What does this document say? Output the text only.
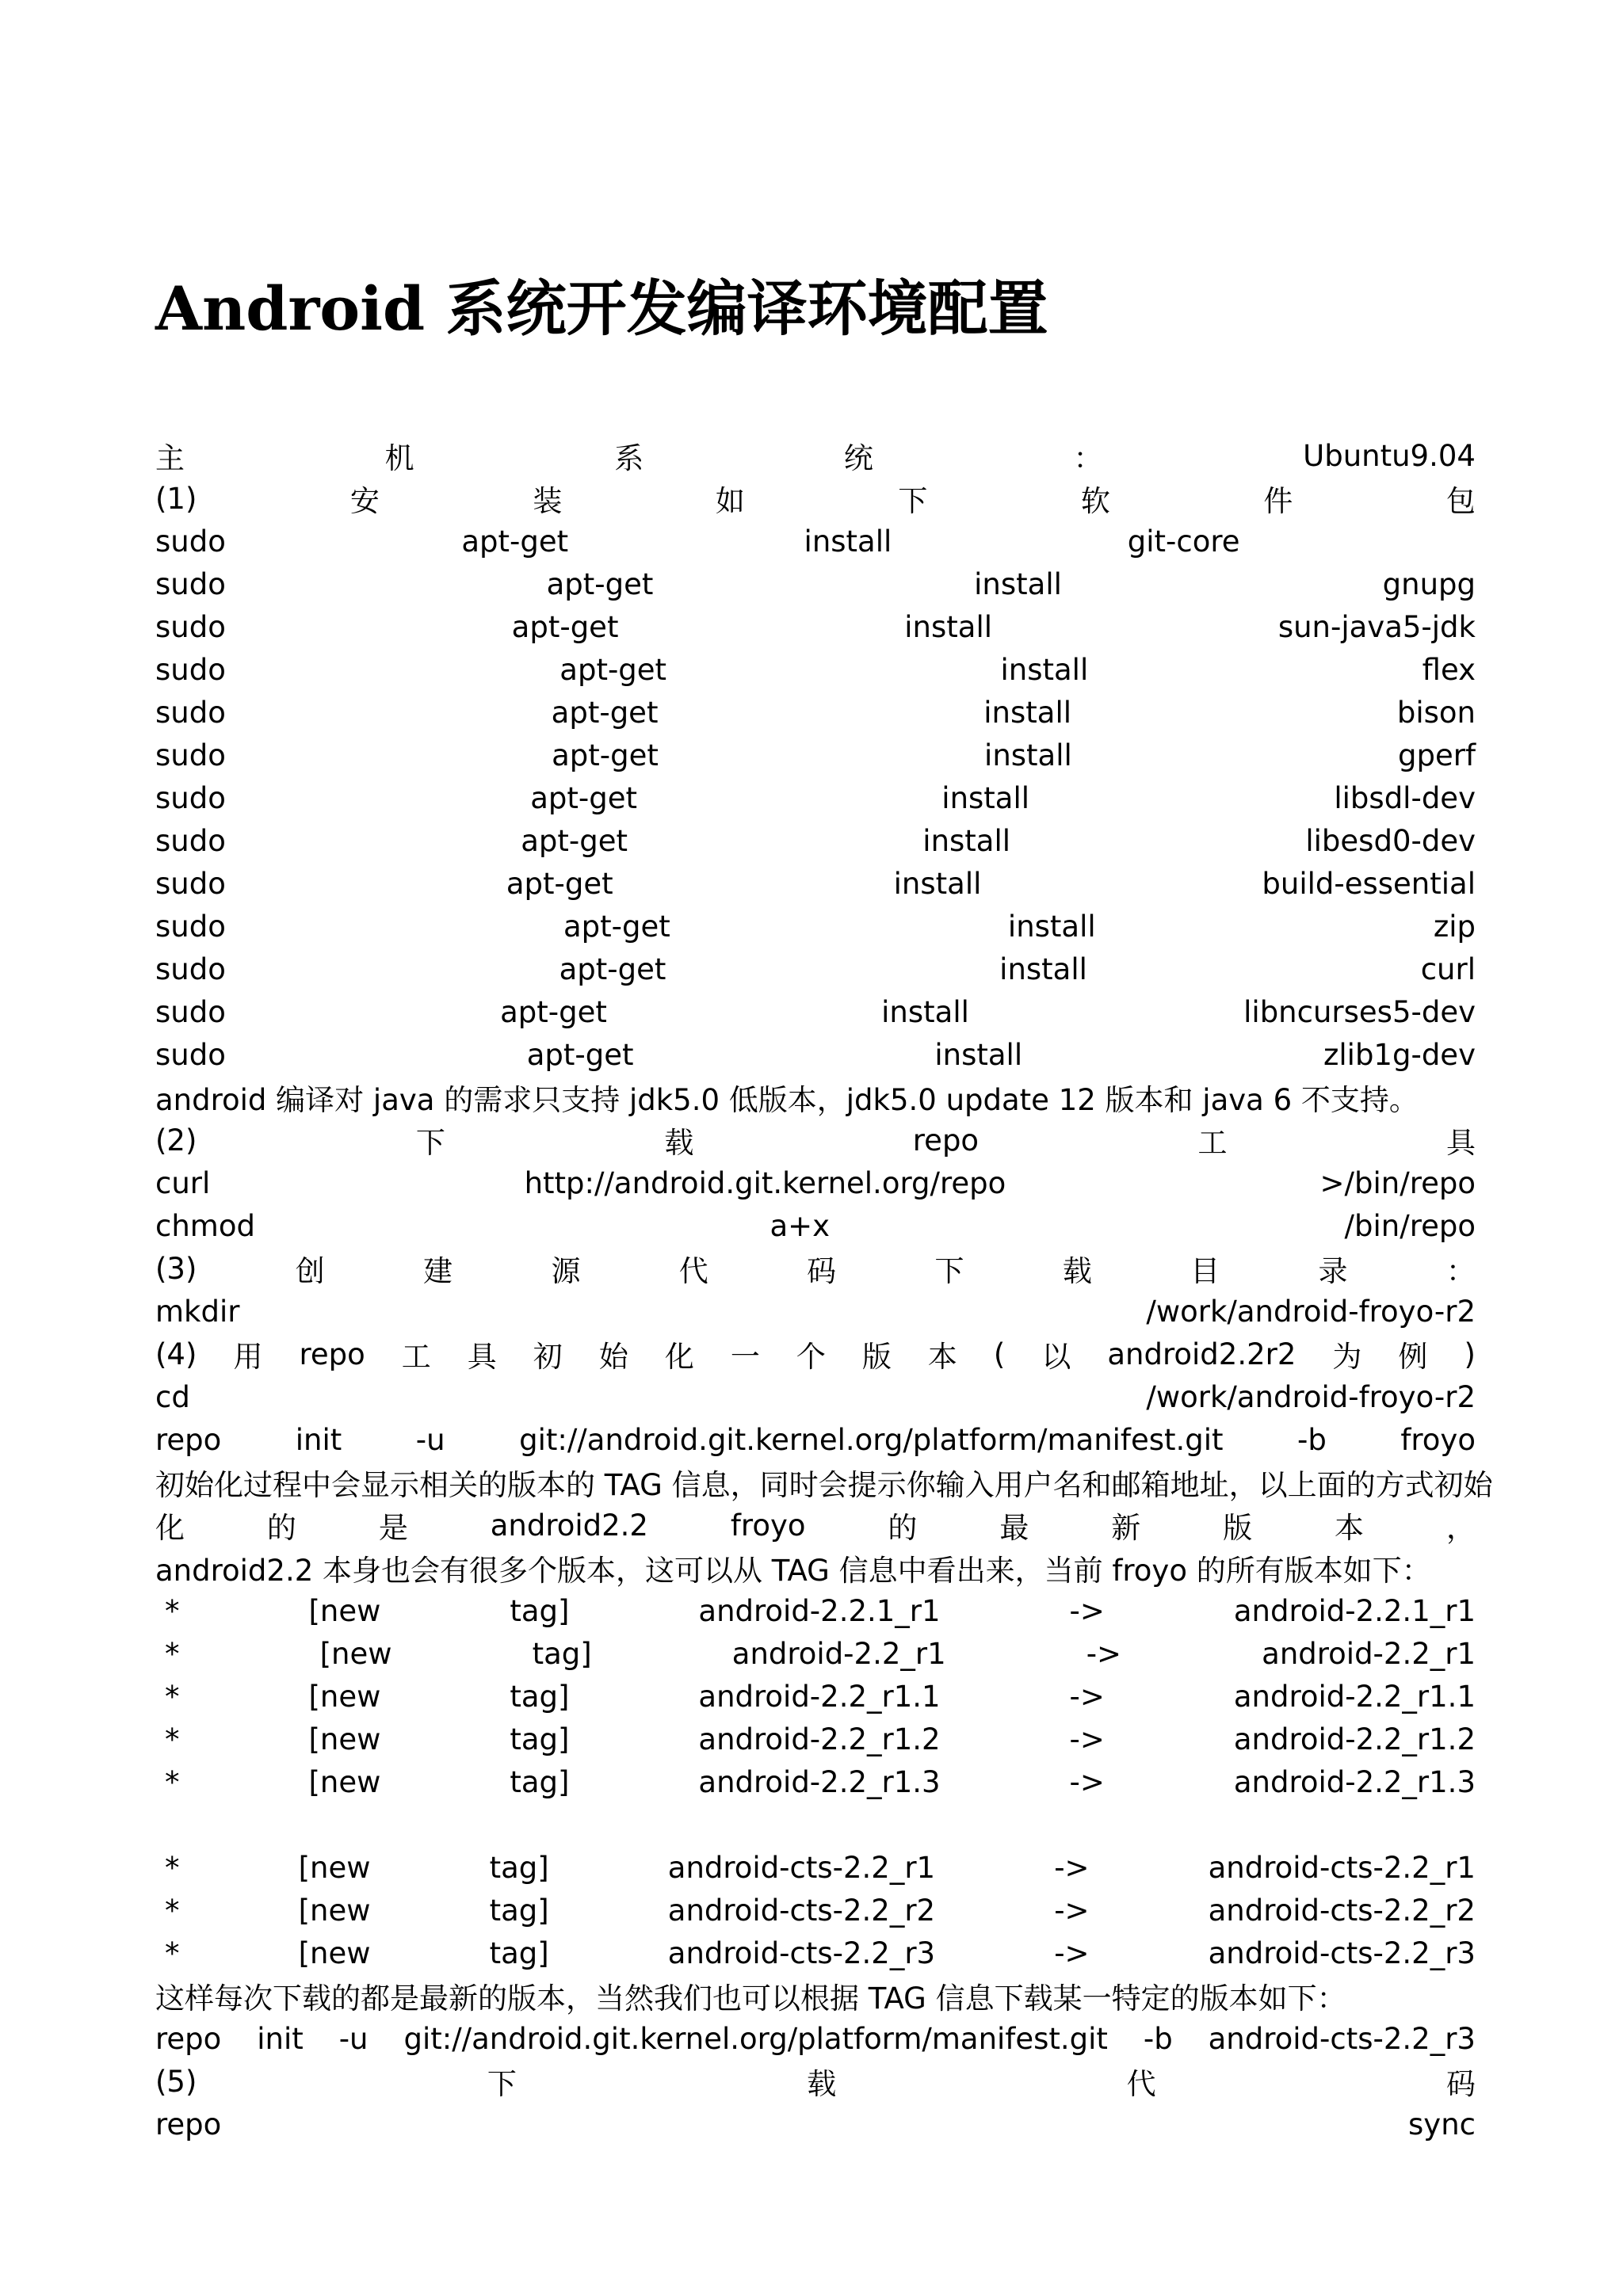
Android 系统开发编译环境配置
主	机	系	统	：	Ubuntu9.04
(1)	安	装	如	下	软	件	包
sudo	apt-get	install	git-core
sudo	apt-get	install	gnupg
sudo	apt-get	install	sun-java5-jdk
sudo	apt-get	install	flex
sudo	apt-get	install	bison
sudo	apt-get	install	gperf
sudo	apt-get	install	libsdl-dev
sudo	apt-get	install	libesd0-dev
sudo	apt-get	install	build-essential
sudo	apt-get	install	zip
sudo	apt-get	install	curl
sudo	apt-get	install	libncurses5-dev
sudo	apt-get	install	zlib1g-dev
android 编译对 java 的需求只支持 jdk5.0 低版本，jdk5.0 update 12 版本和 java 6 不支持。
(2)	下	载	repo	工	具
curl	http://android.git.kernel.org/repo	>/bin/repo
chmod	a+x	/bin/repo
(3)	创	建	源	代	码	下	载	目	录	：
mkdir	/work/android-froyo-r2
(4) 用 repo 工 具 初 始 化 一 个 版 本 ( 以 android2.2r2 为 例 )
cd	/work/android-froyo-r2
repo	init	-u	git://android.git.kernel.org/platform/manifest.git	-b	froyo
初始化过程中会显示相关的版本的 TAG 信息，同时会提示你输入用户名和邮箱地址，以上面的方式初始
化	的	是	android2.2	froyo	的	最	新	版	本	，
android2.2 本身也会有很多个版本，这可以从 TAG 信息中看出来，当前 froyo 的所有版本如下：
*	[new	tag]	android-2.2.1_r1	->	android-2.2.1_r1
*	[new	tag]	android-2.2_r1	->	android-2.2_r1
*	[new	tag]	android-2.2_r1.1	->	android-2.2_r1.1
*	[new	tag]	android-2.2_r1.2	->	android-2.2_r1.2
*	[new	tag]	android-2.2_r1.3	->	android-2.2_r1.3
*	[new	tag]	android-cts-2.2_r1	->	android-cts-2.2_r1
*	[new	tag]	android-cts-2.2_r2	->	android-cts-2.2_r2
*	[new	tag]	android-cts-2.2_r3	->	android-cts-2.2_r3
这样每次下载的都是最新的版本，当然我们也可以根据 TAG 信息下载某一特定的版本如下：
repo init -u git://android.git.kernel.org/platform/manifest.git -b android-cts-2.2_r3
(5)	下	载	代	码
repo	sync
